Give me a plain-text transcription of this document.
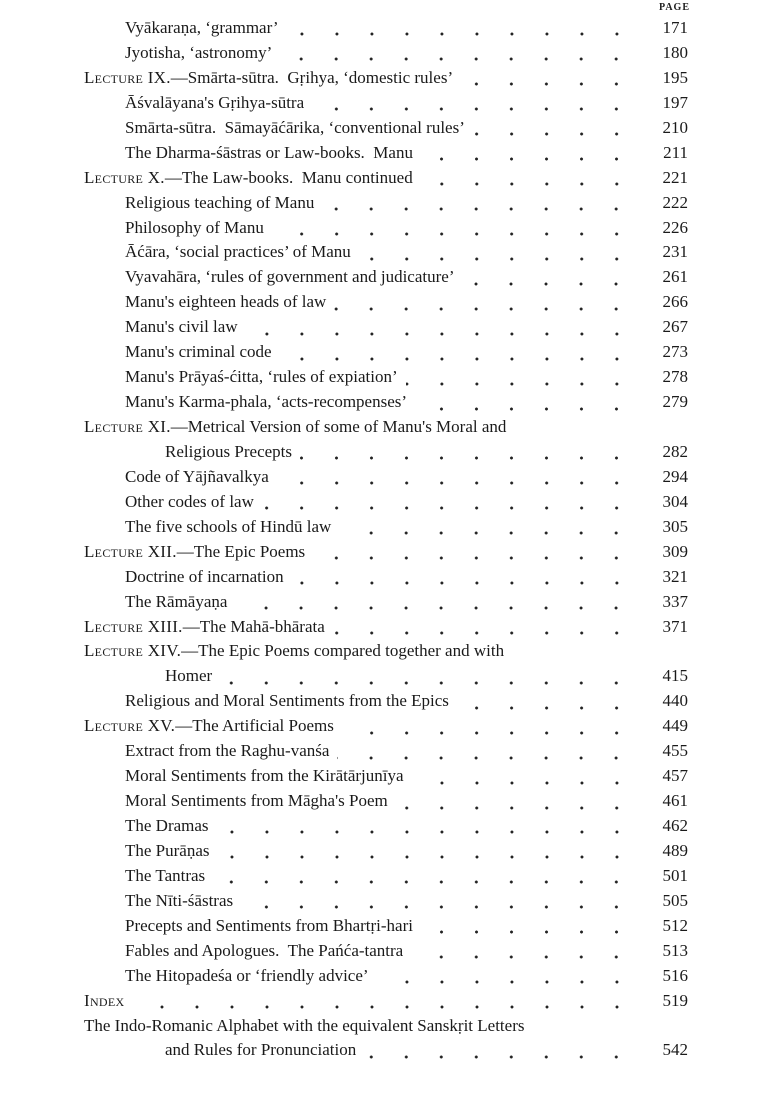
PAGE
Vyākaraṇa, ‘grammar’	171
Jyotisha, ‘astronomy’	180
Lecture IX. —Smārta-sūtra.  Gṛihya, ‘domestic rules’	195
Āśvalāyana's Gṛihya-sūtra	197
Smārta-sūtra.  Sāmayāćārika, ‘conventional rules’	210
The Dharma-śāstras or Law-books.  Manu	211
Lecture X. —The Law-books.  Manu continued	221
Religious teaching of Manu	222
Philosophy of Manu	226
Āćāra, ‘social practices’ of Manu	231
Vyavahāra, ‘rules of government and judicature’	261
Manu's eighteen heads of law	266
Manu's civil law	267
Manu's criminal code	273
Manu's Prāyaś-ćitta, ‘rules of expiation’	278
Manu's Karma-phala, ‘acts-recompenses’	279
Lecture XI. —Metrical Version of some of Manu's Moral and
Religious Precepts	282
Code of Yājñavalkya	294
Other codes of law	304
The five schools of Hindū law	305
Lecture XII. —The Epic Poems	309
Doctrine of incarnation	321
The Rāmāyaṇa	337
Lecture XIII. —The Mahā-bhārata	371
Lecture XIV. —The Epic Poems compared together and with
Homer	415
Religious and Moral Sentiments from the Epics	440
Lecture XV. —The Artificial Poems	449
Extract from the Raghu-vanśa	455
Moral Sentiments from the Kirātārjunīya	457
Moral Sentiments from Māgha's Poem	461
The Dramas	462
The Purāṇas	489
The Tantras	501
The Nīti-śāstras	505
Precepts and Sentiments from Bhartṛi-hari	512
Fables and Apologues.  The Pańća-tantra	513
The Hitopadeśa or ‘friendly advice’	516
Index	519
The Indo-Romanic Alphabet with the equivalent Sanskṛit Letters
and Rules for Pronunciation	542
